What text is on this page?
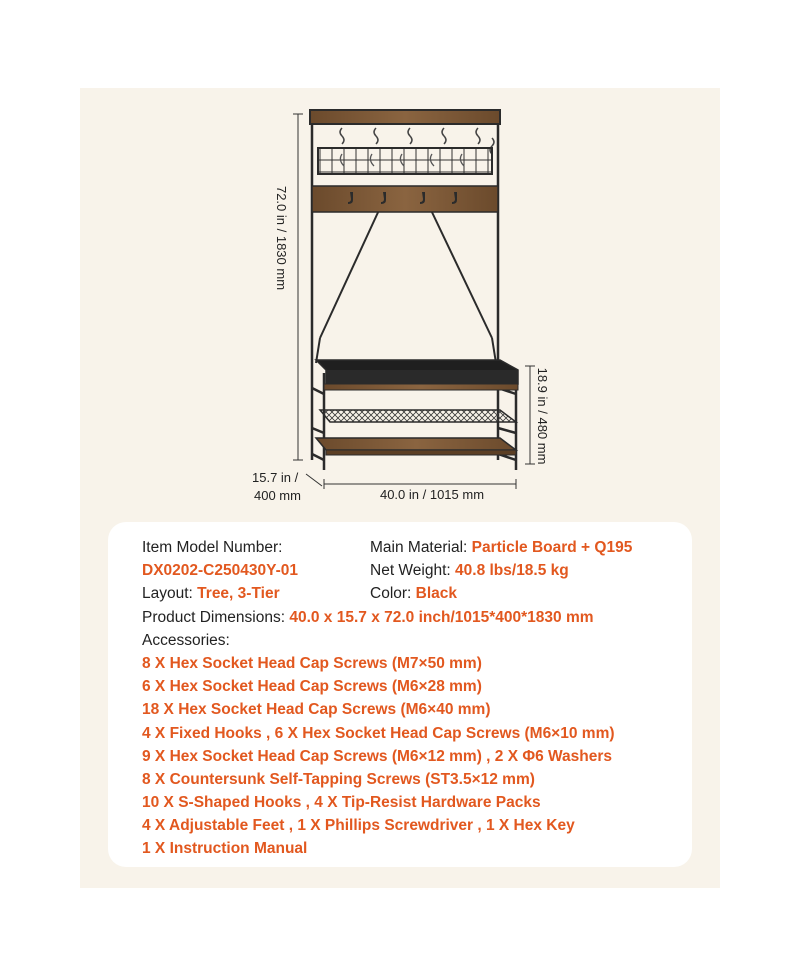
72.0 in / 1830 mm
18.9 in / 480 mm
40.0 in / 1015 mm
15.7 in /
400 mm
Item Model Number:	Main Material: Particle Board + Q195
DX0202-C250430Y-01	Net Weight: 40.8 lbs/18.5 kg
Layout: Tree, 3-Tier	Color: Black
Product Dimensions: 40.0 x 15.7 x 72.0 inch/1015*400*1830 mm
Accessories:
8 X Hex Socket Head Cap Screws (M7×50 mm)
6 X Hex Socket Head Cap Screws (M6×28 mm)
18 X Hex Socket Head Cap Screws (M6×40 mm)
4 X Fixed Hooks , 6 X Hex Socket Head Cap Screws (M6×10 mm)
9 X Hex Socket Head Cap Screws (M6×12 mm) , 2 X Φ6 Washers
8 X Countersunk Self-Tapping Screws (ST3.5×12 mm)
10 X S-Shaped Hooks , 4 X Tip-Resist Hardware Packs
4 X Adjustable Feet , 1 X Phillips Screwdriver , 1 X Hex Key
1 X Instruction Manual
